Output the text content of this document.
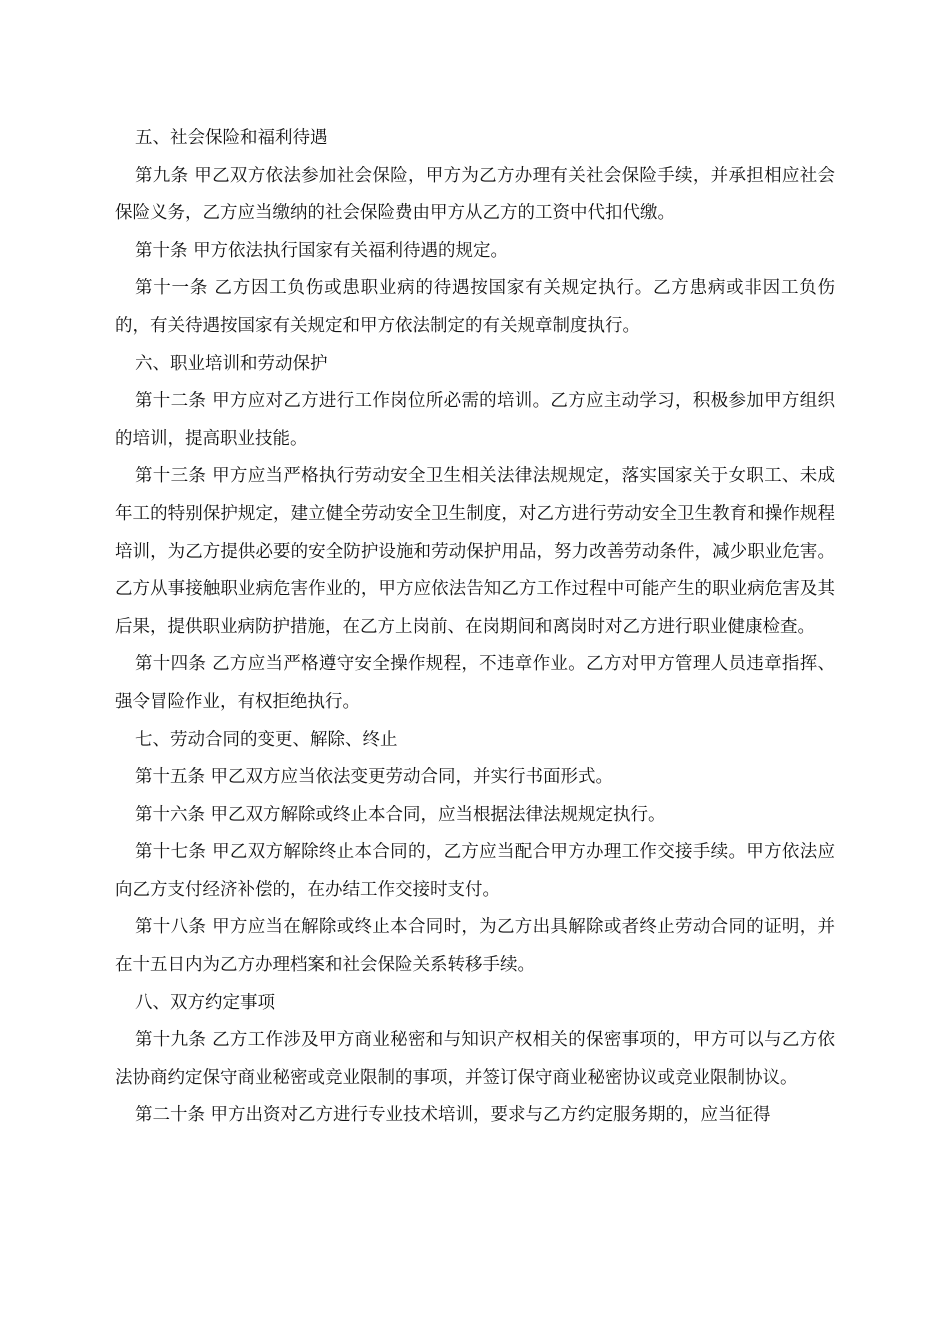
五、社会保险和福利待遇

第九条 甲乙双方依法参加社会保险，甲方为乙方办理有关社会保险手续，并承担相应社会保险义务，乙方应当缴纳的社会保险费由甲方从乙方的工资中代扣代缴。

第十条 甲方依法执行国家有关福利待遇的规定。

第十一条 乙方因工负伤或患职业病的待遇按国家有关规定执行。乙方患病或非因工负伤的，有关待遇按国家有关规定和甲方依法制定的有关规章制度执行。

六、职业培训和劳动保护

第十二条 甲方应对乙方进行工作岗位所必需的培训。乙方应主动学习，积极参加甲方组织的培训，提高职业技能。

第十三条 甲方应当严格执行劳动安全卫生相关法律法规规定，落实国家关于女职工、未成年工的特别保护规定，建立健全劳动安全卫生制度，对乙方进行劳动安全卫生教育和操作规程培训，为乙方提供必要的安全防护设施和劳动保护用品，努力改善劳动条件，减少职业危害。乙方从事接触职业病危害作业的，甲方应依法告知乙方工作过程中可能产生的职业病危害及其后果，提供职业病防护措施，在乙方上岗前、在岗期间和离岗时对乙方进行职业健康检查。

第十四条 乙方应当严格遵守安全操作规程，不违章作业。乙方对甲方管理人员违章指挥、强令冒险作业，有权拒绝执行。

七、劳动合同的变更、解除、终止

第十五条 甲乙双方应当依法变更劳动合同，并实行书面形式。

第十六条 甲乙双方解除或终止本合同，应当根据法律法规规定执行。

第十七条 甲乙双方解除终止本合同的，乙方应当配合甲方办理工作交接手续。甲方依法应向乙方支付经济补偿的，在办结工作交接时支付。

第十八条 甲方应当在解除或终止本合同时，为乙方出具解除或者终止劳动合同的证明，并在十五日内为乙方办理档案和社会保险关系转移手续。

八、双方约定事项

第十九条 乙方工作涉及甲方商业秘密和与知识产权相关的保密事项的，甲方可以与乙方依法协商约定保守商业秘密或竞业限制的事项，并签订保守商业秘密协议或竞业限制协议。

第二十条 甲方出资对乙方进行专业技术培训，要求与乙方约定服务期的，应当征得
